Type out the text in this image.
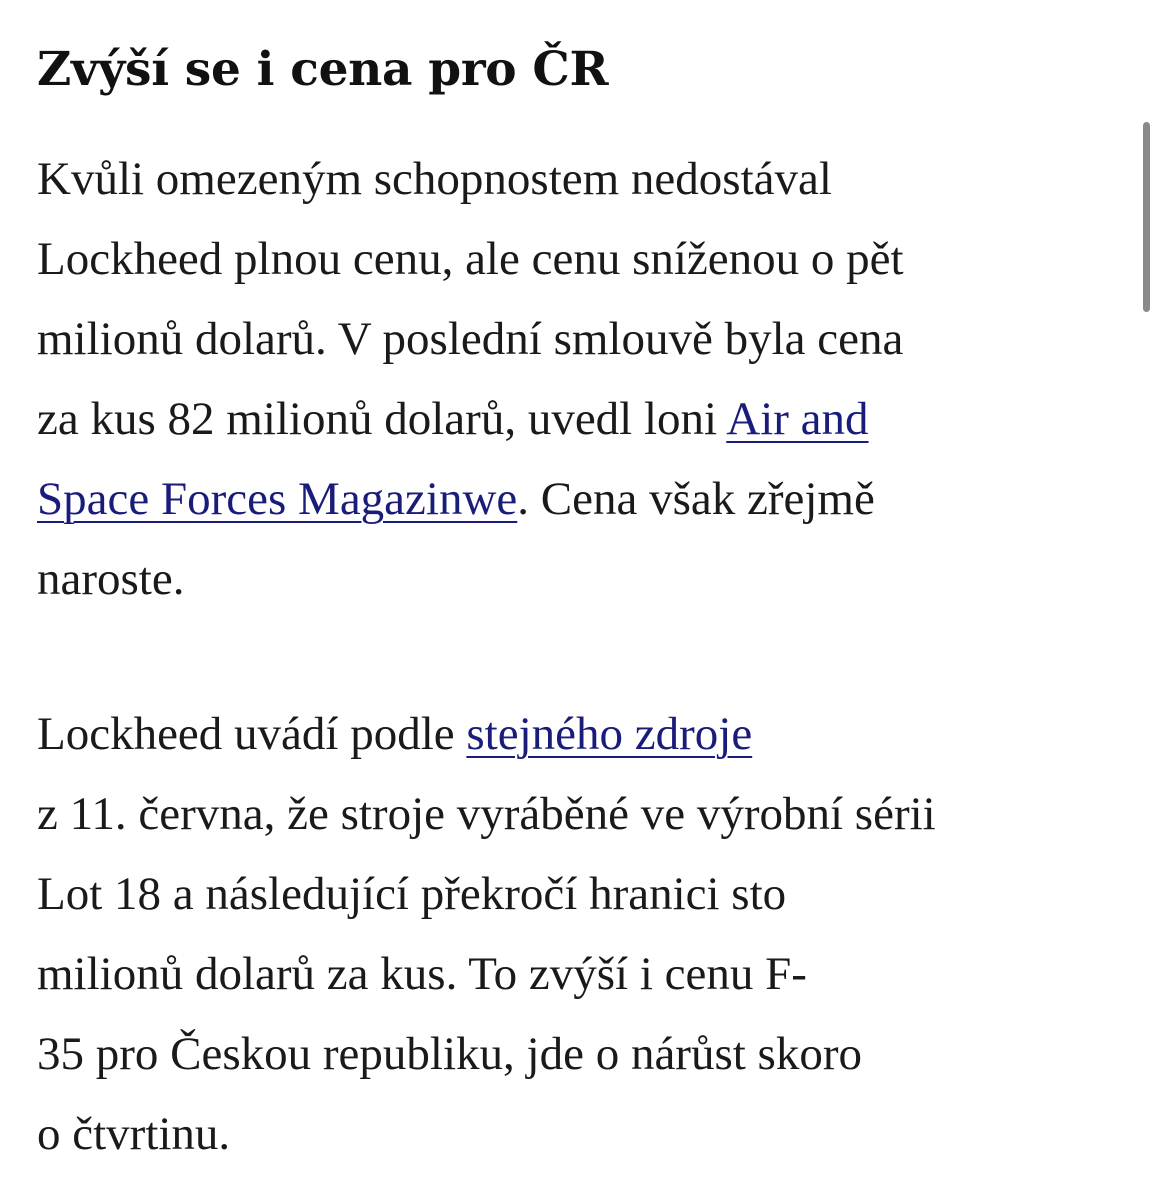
Zvýší se i cena pro ČR

Kvůli omezeným schopnostem nedostával
Lockheed plnou cenu, ale cenu sníženou o pět
milionů dolarů. V poslední smlouvě byla cena
za kus 82 milionů dolarů, uvedl loni Air and
Space Forces Magazinwe. Cena však zřejmě
naroste.

Lockheed uvádí podle stejného zdroje
z 11. června, že stroje vyráběné ve výrobní sérii
Lot 18 a následující překročí hranici sto
milionů dolarů za kus. To zvýší i cenu F-
35 pro Českou republiku, jde o nárůst skoro
o čtvrtinu.
